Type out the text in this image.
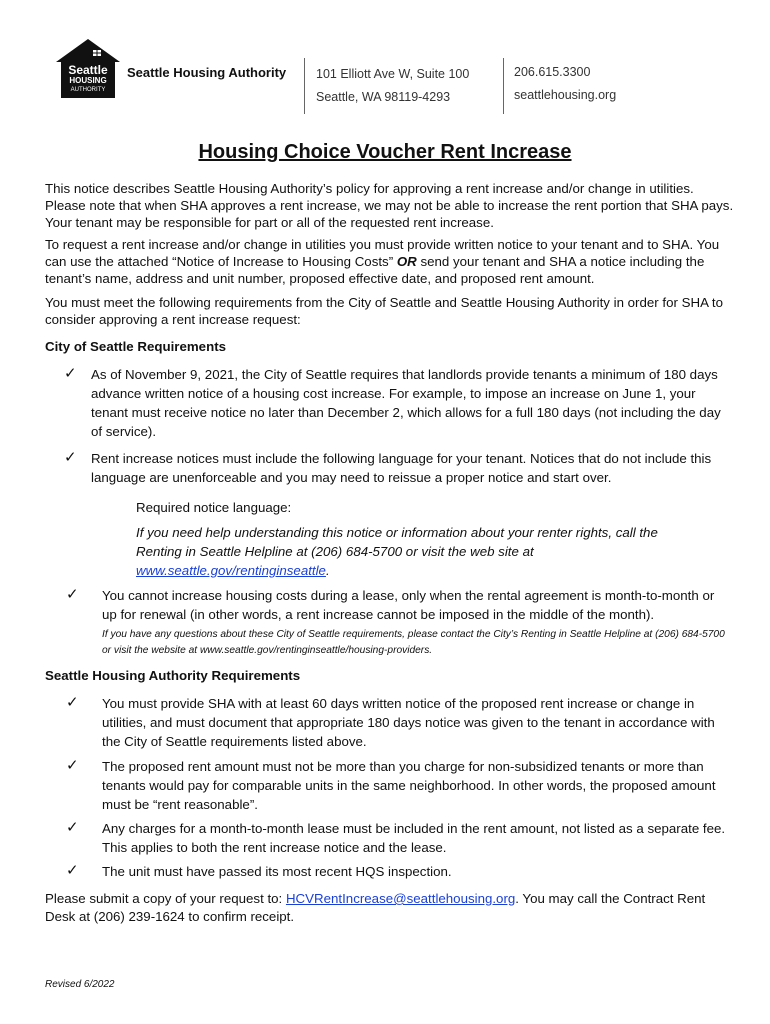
Seattle
HOUSING
AUTHORITY
Seattle Housing Authority 101 Elliott Ave W, Suite 100
Seattle, WA 98119-4293
206.615.3300
seattlehousing.org
Housing Choice Voucher Rent Increase
This notice describes Seattle Housing Authority’s policy for approving a rent increase and/or change in utilities. Please note that when SHA approves a rent increase, we may not be able to increase the rent portion that SHA pays. Your tenant may be responsible for part or all of the requested rent increase.
To request a rent increase and/or change in utilities you must provide written notice to your tenant and to SHA. You can use the attached “Notice of Increase to Housing Costs” OR send your tenant and SHA a notice including the tenant’s name, address and unit number, proposed effective date, and proposed rent amount.
You must meet the following requirements from the City of Seattle and Seattle Housing Authority in order for SHA to consider approving a rent increase request:
City of Seattle Requirements
✓ As of November 9, 2021, the City of Seattle requires that landlords provide tenants a minimum of 180 days advance written notice of a housing cost increase. For example, to impose an increase on June 1, your tenant must receive notice no later than December 2, which allows for a full 180 days (not including the day of service).
✓ Rent increase notices must include the following language for your tenant. Notices that do not include this language are unenforceable and you may need to reissue a proper notice and start over.
Required notice language:
If you need help understanding this notice or information about your renter rights, call the Renting in Seattle Helpline at (206) 684-5700 or visit the web site at www.seattle.gov/rentinginseattle.
✓ You cannot increase housing costs during a lease, only when the rental agreement is month-to-month or up for renewal (in other words, a rent increase cannot be imposed in the middle of the month).
If you have any questions about these City of Seattle requirements, please contact the City’s Renting in Seattle Helpline at (206) 684-5700 or visit the website at www.seattle.gov/rentinginseattle/housing-providers.
Seattle Housing Authority Requirements
✓ You must provide SHA with at least 60 days written notice of the proposed rent increase or change in utilities, and must document that appropriate 180 days notice was given to the tenant in accordance with the City of Seattle requirements listed above.
✓ The proposed rent amount must not be more than you charge for non-subsidized tenants or more than tenants would pay for comparable units in the same neighborhood. In other words, the proposed amount must be “rent reasonable”.
✓ Any charges for a month-to-month lease must be included in the rent amount, not listed as a separate fee. This applies to both the rent increase notice and the lease.
✓ The unit must have passed its most recent HQS inspection.
Please submit a copy of your request to: HCVRentIncrease@seattlehousing.org. You may call the Contract Rent Desk at (206) 239-1624 to confirm receipt.
Revised 6/2022
